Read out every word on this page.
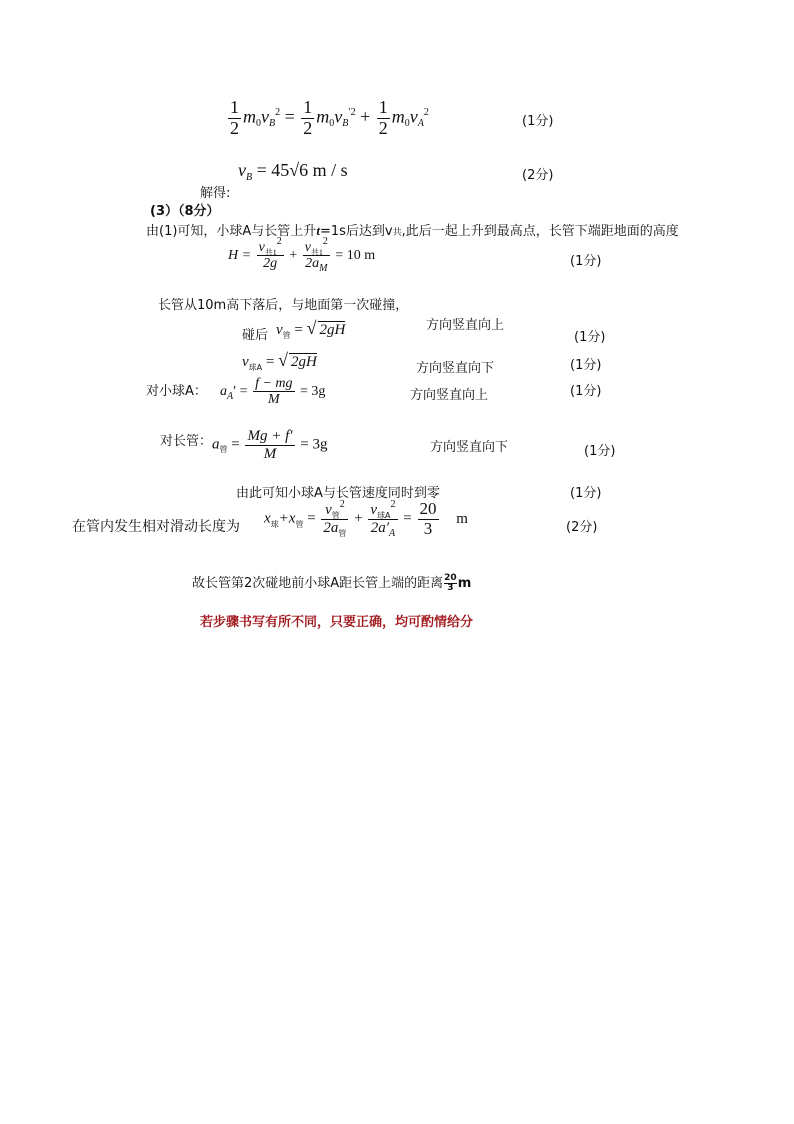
$\frac{1}{2} m_0v_B^2 = \frac{1}{2} m_0v_B^{'2} + \frac{1}{2} m_0v_A^2$
(1分)
$v_B = 45√6$ m / s	(2分)
解得:
(3）（8分）
由(1)可知，小球A与长管上升t=1s后达到v共,此后一起上升到最高点，长管下端距地面的高度
$H = \frac{v_{共1}^2}{2g} + \frac{v_{共1}^2}{2a_M} = 10$ m	(1分)
长管从10m高下落后，与地面第一次碰撞，
碰后 $v_管$ = √ 2gH	方向竖直向上
(1分)
$v_{球A}$ = √ 2gH	方向竖直向下	(1分)
对小球A： $a_A' = \frac{f - mg}{M} = 3g$	方向竖直向上	(1分)
对长管： $a_管 = \frac{Mg + f'}{M} = 3g$	方向竖直向下	(1分)
由此可知小球A与长管速度同时到零	(1分)
在管内发生相对滑动长度为
$x_球+x_管 = \frac{v_管^2}{2a_管} + \frac{v_{球A}^2}{2a'_A} = \frac{20}{3}$ m
(2分)
故长管第2次碰地前小球A距长管上端的距离 $\frac{20}{3}$ m
若步骤书写有所不同，只要正确，均可酌情给分
